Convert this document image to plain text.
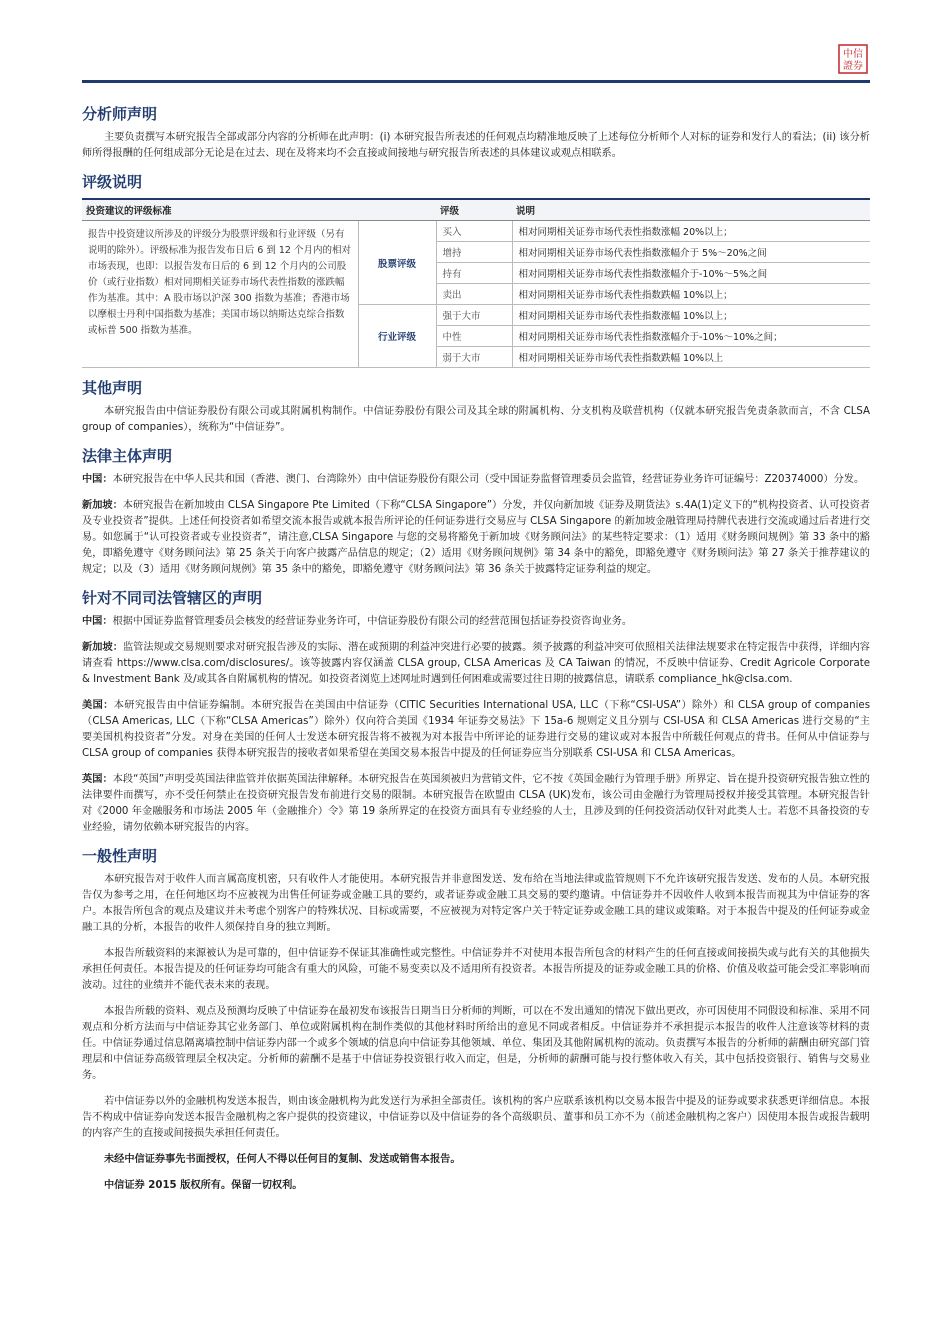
中信
證券
分析师声明

主要负责撰写本研究报告全部或部分内容的分析师在此声明：(i) 本研究报告所表述的任何观点均精准地反映了上述每位分析师个人对标的证券和发行人的看法；(ii) 该分析师所得报酬的任何组成部分无论是在过去、现在及将来均不会直接或间接地与研究报告所表述的具体建议或观点相联系。

评级说明
投资建议的评级标准		评级	说明
报告中投资建议所涉及的评级分为股票评级和行业评级（另有说明的除外）。评级标准为报告发布日后 6 到 12 个月内的相对市场表现，也即：以报告发布日后的 6 到 12 个月内的公司股价（或行业指数）相对同期相关证券市场代表性指数的涨跌幅作为基准。其中：A 股市场以沪深 300 指数为基准；香港市场以摩根士丹利中国指数为基准；美国市场以纳斯达克综合指数或标普 500 指数为基准。	股票评级	买入	相对同期相关证券市场代表性指数涨幅 20%以上；
		增持	相对同期相关证券市场代表性指数涨幅介于 5%～20%之间
		持有	相对同期相关证券市场代表性指数涨幅介于-10%～5%之间
		卖出	相对同期相关证券市场代表性指数跌幅 10%以上；
	行业评级	强于大市	相对同期相关证券市场代表性指数涨幅 10%以上；
		中性	相对同期相关证券市场代表性指数涨幅介于-10%～10%之间；
		弱于大市	相对同期相关证券市场代表性指数跌幅 10%以上
其他声明

本研究报告由中信证券股份有限公司或其附属机构制作。中信证券股份有限公司及其全球的附属机构、分支机构及联营机构（仅就本研究报告免责条款而言，不含 CLSA group of companies），统称为“中信证券”。

法律主体声明

中国：本研究报告在中华人民共和国（香港、澳门、台湾除外）由中信证券股份有限公司（受中国证券监督管理委员会监管，经营证券业务许可证编号：Z20374000）分发。

新加坡：本研究报告在新加坡由 CLSA Singapore Pte Limited（下称“CLSA Singapore”）分发，并仅向新加坡《证券及期货法》s.4A(1)定义下的“机构投资者、认可投资者及专业投资者”提供。上述任何投资者如希望交流本报告或就本报告所评论的任何证券进行交易应与 CLSA Singapore 的新加坡金融管理局持牌代表进行交流或通过后者进行交易。如您属于“认可投资者或专业投资者”，请注意,CLSA Singapore 与您的交易将豁免于新加坡《财务顾问法》的某些特定要求：（1）适用《财务顾问规例》第 33 条中的豁免，即豁免遵守《财务顾问法》第 25 条关于向客户披露产品信息的规定；（2）适用《财务顾问规例》第 34 条中的豁免，即豁免遵守《财务顾问法》第 27 条关于推荐建议的规定；以及（3）适用《财务顾问规例》第 35 条中的豁免，即豁免遵守《财务顾问法》第 36 条关于披露特定证券利益的规定。

针对不同司法管辖区的声明

中国：根据中国证券监督管理委员会核发的经营证券业务许可，中信证券股份有限公司的经营范围包括证券投资咨询业务。

新加坡：监管法规或交易规则要求对研究报告涉及的实际、潜在或预期的利益冲突进行必要的披露。须予披露的利益冲突可依照相关法律法规要求在特定报告中获得，详细内容请查看 https://www.clsa.com/disclosures/。该等披露内容仅涵盖 CLSA group, CLSA Americas 及 CA Taiwan 的情况，不反映中信证券、Credit Agricole Corporate & Investment Bank 及/或其各自附属机构的情况。如投资者浏览上述网址时遇到任何困难或需要过往日期的披露信息，请联系 compliance_hk@clsa.com.

美国：本研究报告由中信证券编制。本研究报告在美国由中信证券（CITIC Securities International USA, LLC（下称“CSI-USA”）除外）和 CLSA group of companies（CLSA Americas, LLC（下称“CLSA Americas”）除外）仅向符合美国《1934 年证券交易法》下 15a-6 规则定义且分别与 CSI-USA 和 CLSA Americas 进行交易的“主要美国机构投资者”分发。对身在美国的任何人士发送本研究报告将不被视为对本报告中所评论的证券进行交易的建议或对本报告中所载任何观点的背书。任何从中信证券与 CLSA group of companies 获得本研究报告的接收者如果希望在美国交易本报告中提及的任何证券应当分别联系 CSI-USA 和 CLSA Americas。

英国：本段“英国”声明受英国法律监管并依据英国法律解释。本研究报告在英国须被归为营销文件，它不按《英国金融行为管理手册》所界定、旨在提升投资研究报告独立性的法律要件而撰写，亦不受任何禁止在投资研究报告发布前进行交易的限制。本研究报告在欧盟由 CLSA (UK)发布，该公司由金融行为管理局授权并接受其管理。本研究报告针对《2000 年金融服务和市场法 2005 年（金融推介）令》第 19 条所界定的在投资方面具有专业经验的人士，且涉及到的任何投资活动仅针对此类人士。若您不具备投资的专业经验，请勿依赖本研究报告的内容。

一般性声明

本研究报告对于收件人而言属高度机密，只有收件人才能使用。本研究报告并非意图发送、发布给在当地法律或监管规则下不允许该研究报告发送、发布的人员。本研究报告仅为参考之用，在任何地区均不应被视为出售任何证券或金融工具的要约，或者证券或金融工具交易的要约邀请。中信证券并不因收件人收到本报告而视其为中信证券的客户。本报告所包含的观点及建议并未考虑个别客户的特殊状况、目标或需要，不应被视为对特定客户关于特定证券或金融工具的建议或策略。对于本报告中提及的任何证券或金融工具的分析，本报告的收件人须保持自身的独立判断。

本报告所载资料的来源被认为是可靠的，但中信证券不保证其准确性或完整性。中信证券并不对使用本报告所包含的材料产生的任何直接或间接损失或与此有关的其他损失承担任何责任。本报告提及的任何证券均可能含有重大的风险，可能不易变卖以及不适用所有投资者。本报告所提及的证券或金融工具的价格、价值及收益可能会受汇率影响而波动。过往的业绩并不能代表未来的表现。

本报告所载的资料、观点及预测均反映了中信证券在最初发布该报告日期当日分析师的判断，可以在不发出通知的情况下做出更改，亦可因使用不同假设和标准、采用不同观点和分析方法而与中信证券其它业务部门、单位或附属机构在制作类似的其他材料时所给出的意见不同或者相反。中信证券并不承担提示本报告的收件人注意该等材料的责任。中信证券通过信息隔离墙控制中信证券内部一个或多个领域的信息向中信证券其他领域、单位、集团及其他附属机构的流动。负责撰写本报告的分析师的薪酬由研究部门管理层和中信证券高级管理层全权决定。分析师的薪酬不是基于中信证券投资银行收入而定，但是，分析师的薪酬可能与投行整体收入有关，其中包括投资银行、销售与交易业务。

若中信证券以外的金融机构发送本报告，则由该金融机构为此发送行为承担全部责任。该机构的客户应联系该机构以交易本报告中提及的证券或要求获悉更详细信息。本报告不构成中信证券向发送本报告金融机构之客户提供的投资建议，中信证券以及中信证券的各个高级职员、董事和员工亦不为（前述金融机构之客户）因使用本报告或报告载明的内容产生的直接或间接损失承担任何责任。

未经中信证券事先书面授权，任何人不得以任何目的复制、发送或销售本报告。

中信证券 2015 版权所有。保留一切权利。
